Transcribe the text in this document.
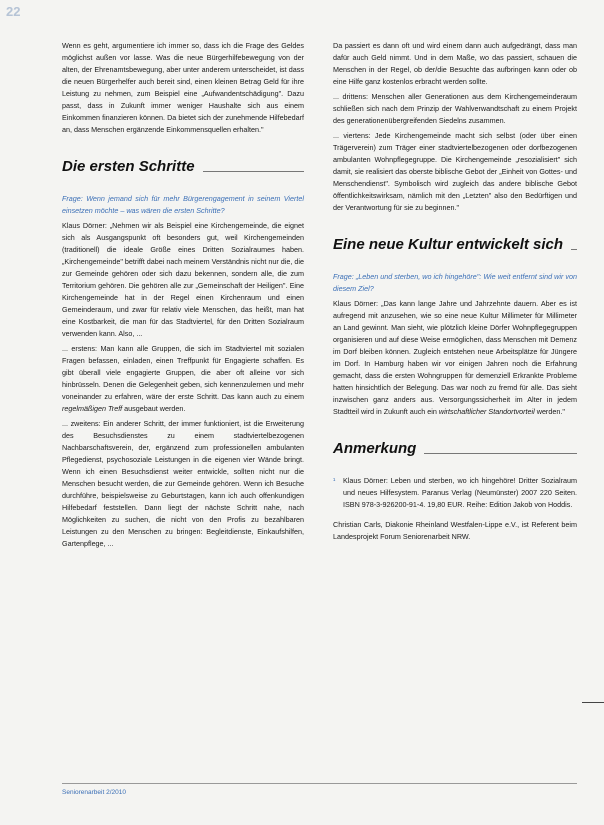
22

Wenn es geht, argumentiere ich immer so, dass ich die Frage des Geldes möglichst außen vor lasse. Was die neue Bürgerhilfebewegung von der alten, der Ehrenamtsbewegung, aber unter anderem unterscheidet, ist dass die neuen Bürgerhelfer auch bereit sind, einen kleinen Betrag Geld für ihre Leistung zu nehmen, zum Beispiel eine „Aufwandentschädigung". Dazu passt, dass in Zukunft immer weniger Haushalte sich aus einem Einkommen finanzieren können. Da bietet sich der zunehmende Hilfebedarf an, dass Menschen ergänzende Einkommensquellen erhalten."

Die ersten Schritte

Frage: Wenn jemand sich für mehr Bürgerengagement in seinem Viertel einsetzen möchte – was wären die ersten Schritte?

Klaus Dörner: „Nehmen wir als Beispiel eine Kirchengemeinde, die eignet sich als Ausgangspunkt oft besonders gut, weil Kirchengemeinden (traditionell) die ideale Größe eines Dritten Sozialraumes haben. „Kirchengemeinde" betrifft dabei nach meinem Verständnis nicht nur die, die zur Gemeinde gehören oder sich dazu bekennen, sondern alle, die zum Territorium gehören. Die gehören alle zur „Gemeinschaft der Heiligen". Eine Kirchengemeinde hat in der Regel einen Kirchenraum und einen Gemeinderaum, und zwar für relativ viele Menschen, das heißt, man hat eine Kostbarkeit, die man für das Stadtviertel, für den Dritten Sozialraum verwenden kann. Also, ...

... erstens: Man kann alle Gruppen, die sich im Stadtviertel mit sozialen Fragen befassen, einladen, einen Treffpunkt für Engagierte schaffen. Es gibt überall viele engagierte Gruppen, die aber oft alleine vor sich hinbrüsseln. Denen die Gelegenheit geben, sich kennenzulernen und mehr voneinander zu erfahren, wäre der erste Schritt. Das kann auch zu einem regelmäßigen Treff ausgebaut werden.

... zweitens: Ein anderer Schritt, der immer funktioniert, ist die Erweiterung des Besuchsdienstes zu einem stadtviertelbezogenen Nachbarschaftsverein, der, ergänzend zum professionellen ambulanten Pflegedienst, psychosoziale Leistungen in die eigenen vier Wände bringt. Wenn ich einen Besuchsdienst weiter entwickle, sollten nicht nur die Menschen besucht werden, die zur Gemeinde gehören. Wenn ich Besuche durchführe, beispielsweise zu Geburtstagen, kann ich auch offenkundigen Hilfebedarf feststellen. Dann liegt der nächste Schritt nahe, nach Möglichkeiten zu suchen, die nicht von den Profis zu bezahlbaren Leistungen zu den Menschen zu bringen: Begleitdienste, Einkaufshilfen, Gartenpflege, ...

Da passiert es dann oft und wird einem dann auch aufgedrängt, dass man dafür auch Geld nimmt. Und in dem Maße, wo das passiert, schauen die Menschen in der Regel, ob der/die Besuchte das aufbringen kann oder ob eine Hilfe ganz kostenlos erbracht werden sollte.

... drittens: Menschen aller Generationen aus dem Kirchengemeinderaum schließen sich nach dem Prinzip der Wahlverwandtschaft zu einem Projekt des generationenübergreifenden Siedelns zusammen.

... viertens: Jede Kirchengemeinde macht sich selbst (oder über einen Trägerverein) zum Träger einer stadtviertelbezogenen oder dorfbezogenen ambulanten Wohnpflegegruppe. Die Kirchengemeinde „resozialisiert" sich damit, sie realisiert das oberste biblische Gebot der „Einheit von Gottes- und Menschendienst". Symbolisch wird zugleich das andere biblische Gebot öffentlichkeitswirksam, nämlich mit den „Letzten" also den Bedürftigen und der Verantwortung für sie zu beginnen."

Eine neue Kultur entwickelt sich

Frage: „Leben und sterben, wo ich hingehöre": Wie weit entfernt sind wir von diesem Ziel?

Klaus Dörner: „Das kann lange Jahre und Jahrzehnte dauern. Aber es ist aufregend mit anzusehen, wie so eine neue Kultur Millimeter für Millimeter an Land gewinnt. Man sieht, wie plötzlich kleine Dörfer Wohnpflegegruppen organisieren und auf diese Weise ermöglichen, dass Menschen mit Demenz im Dorf bleiben können. Zugleich entstehen neue Arbeitsplätze für Jüngere im Dorf. In Hamburg haben wir vor einigen Jahren noch die Erfahrung gemacht, dass die ersten Wohngruppen für demenziell Erkrankte Probleme hatten hinsichtlich der Belegung. Das war noch zu fremd für alle. Das sieht inzwischen ganz anders aus. Versorgungssicherheit im Alter in jedem Stadtteil wird in Zukunft auch ein wirtschaftlicher Standortvorteil werden."

Anmerkung

¹ Klaus Dörner: Leben und sterben, wo ich hingehöre! Dritter Sozialraum und neues Hilfesystem. Paranus Verlag (Neumünster) 2007 220 Seiten. ISBN 978-3-926200-91-4. 19,80 EUR. Reihe: Edition Jakob von Hoddis.

Christian Carls, Diakonie Rheinland Westfalen-Lippe e.V., ist Referent beim Landesprojekt Forum Seniorenarbeit NRW.

Seniorenarbeit 2/2010
